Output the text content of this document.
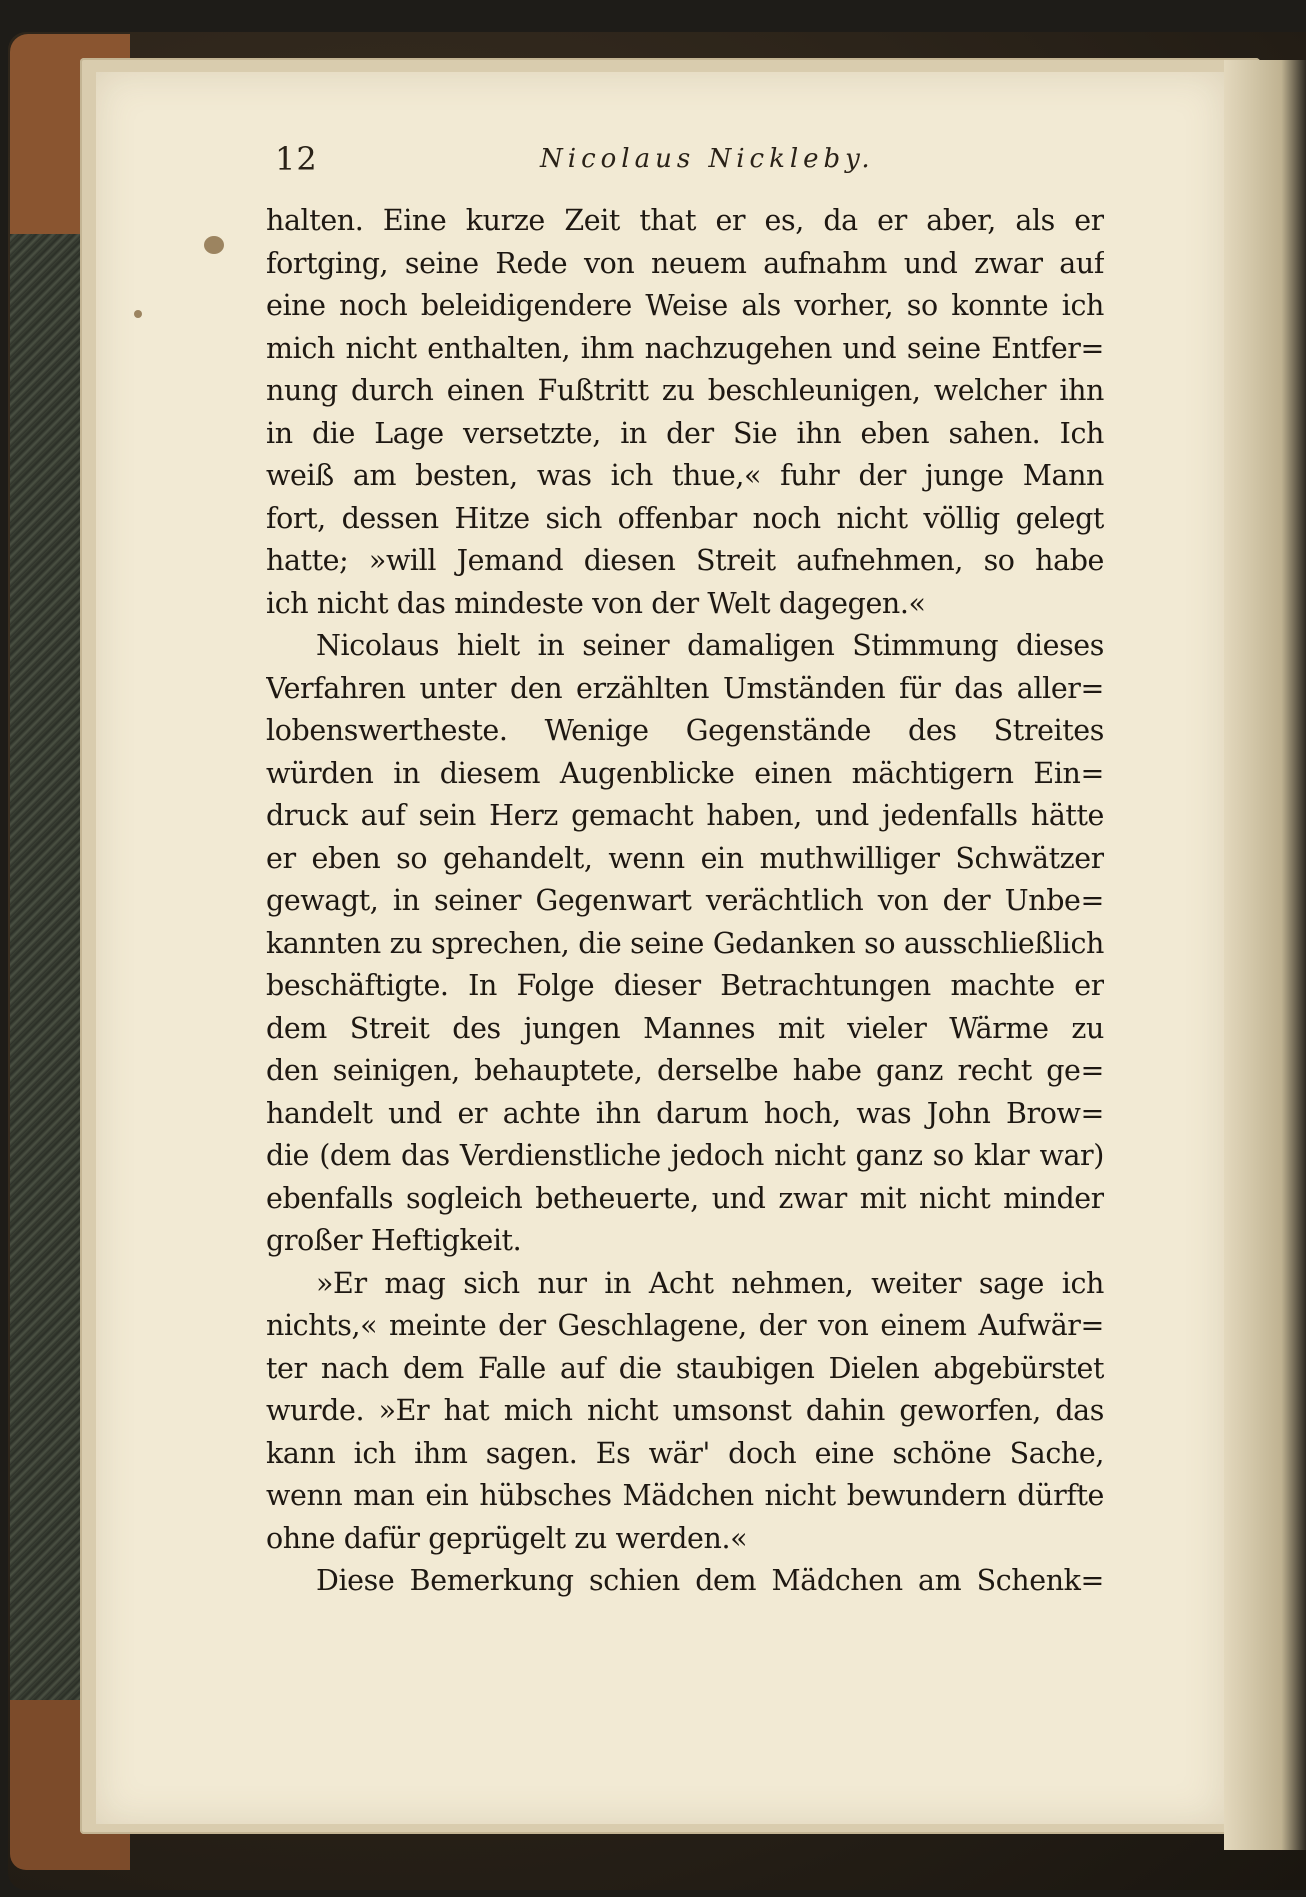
12	Nicolaus Nickleby.
halten. Eine kurze Zeit that er es, da er aber, als er
fortging, seine Rede von neuem aufnahm und zwar auf
eine noch beleidigendere Weise als vorher, so konnte ich
mich nicht enthalten, ihm nachzugehen und seine Entfer=
nung durch einen Fußtritt zu beschleunigen, welcher ihn
in die Lage versetzte, in der Sie ihn eben sahen. Ich
weiß am besten, was ich thue,« fuhr der junge Mann
fort, dessen Hitze sich offenbar noch nicht völlig gelegt
hatte; »will Jemand diesen Streit aufnehmen, so habe
ich nicht das mindeste von der Welt dagegen.«
Nicolaus hielt in seiner damaligen Stimmung dieses
Verfahren unter den erzählten Umständen für das aller=
lobenswertheste. Wenige Gegenstände des Streites
würden in diesem Augenblicke einen mächtigern Ein=
druck auf sein Herz gemacht haben, und jedenfalls hätte
er eben so gehandelt, wenn ein muthwilliger Schwätzer
gewagt, in seiner Gegenwart verächtlich von der Unbe=
kannten zu sprechen, die seine Gedanken so ausschließlich
beschäftigte. In Folge dieser Betrachtungen machte er
dem Streit des jungen Mannes mit vieler Wärme zu
den seinigen, behauptete, derselbe habe ganz recht ge=
handelt und er achte ihn darum hoch, was John Brow=
die (dem das Verdienstliche jedoch nicht ganz so klar war)
ebenfalls sogleich betheuerte, und zwar mit nicht minder
großer Heftigkeit.
»Er mag sich nur in Acht nehmen, weiter sage ich
nichts,« meinte der Geschlagene, der von einem Aufwär=
ter nach dem Falle auf die staubigen Dielen abgebürstet
wurde. »Er hat mich nicht umsonst dahin geworfen, das
kann ich ihm sagen. Es wär' doch eine schöne Sache,
wenn man ein hübsches Mädchen nicht bewundern dürfte
ohne dafür geprügelt zu werden.«
Diese Bemerkung schien dem Mädchen am Schenk=
